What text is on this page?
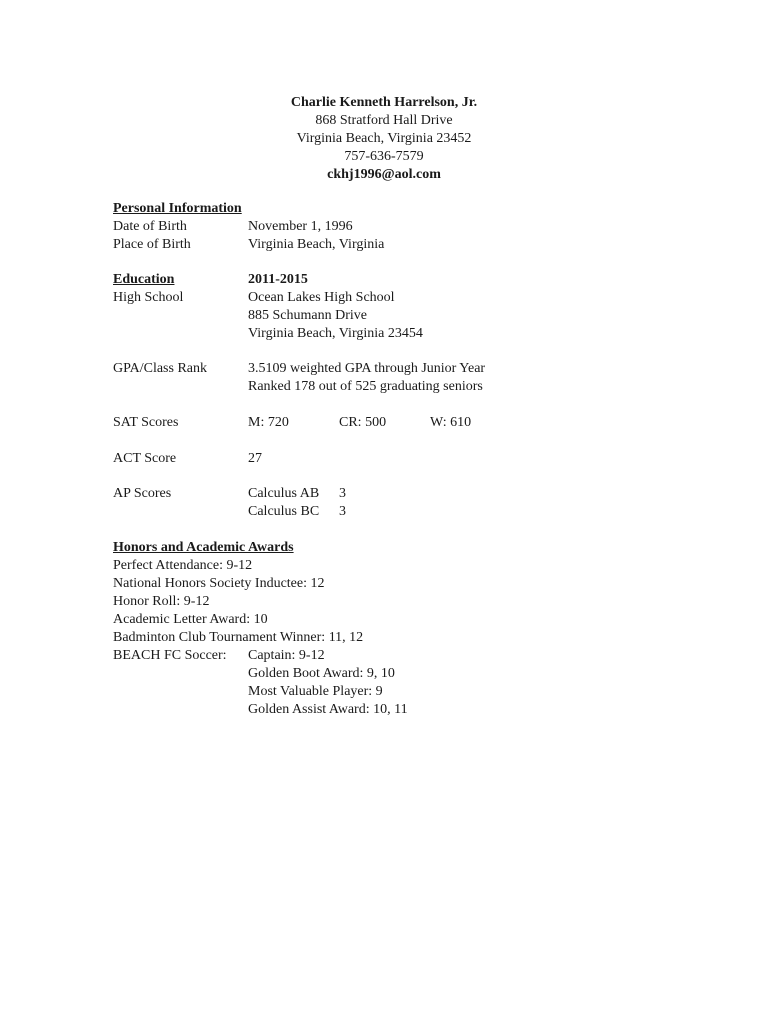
Charlie Kenneth Harrelson, Jr.
868 Stratford Hall Drive
Virginia Beach, Virginia 23452
757-636-7579
ckhj1996@aol.com
Personal Information
Date of Birth	November 1, 1996
Place of Birth	Virginia Beach, Virginia
Education	2011-2015
High School	Ocean Lakes High School
885 Schumann Drive
Virginia Beach, Virginia 23454
GPA/Class Rank	3.5109 weighted GPA through Junior Year
Ranked 178 out of 525 graduating seniors
SAT Scores	M: 720	CR: 500	W: 610
ACT Score	27
AP Scores	Calculus AB 3
Calculus BC 3
Honors and Academic Awards
Perfect Attendance: 9-12
National Honors Society Inductee: 12
Honor Roll: 9-12
Academic Letter Award: 10
Badminton Club Tournament Winner: 11, 12
BEACH FC Soccer: Captain: 9-12
Golden Boot Award: 9, 10
Most Valuable Player: 9
Golden Assist Award: 10, 11
